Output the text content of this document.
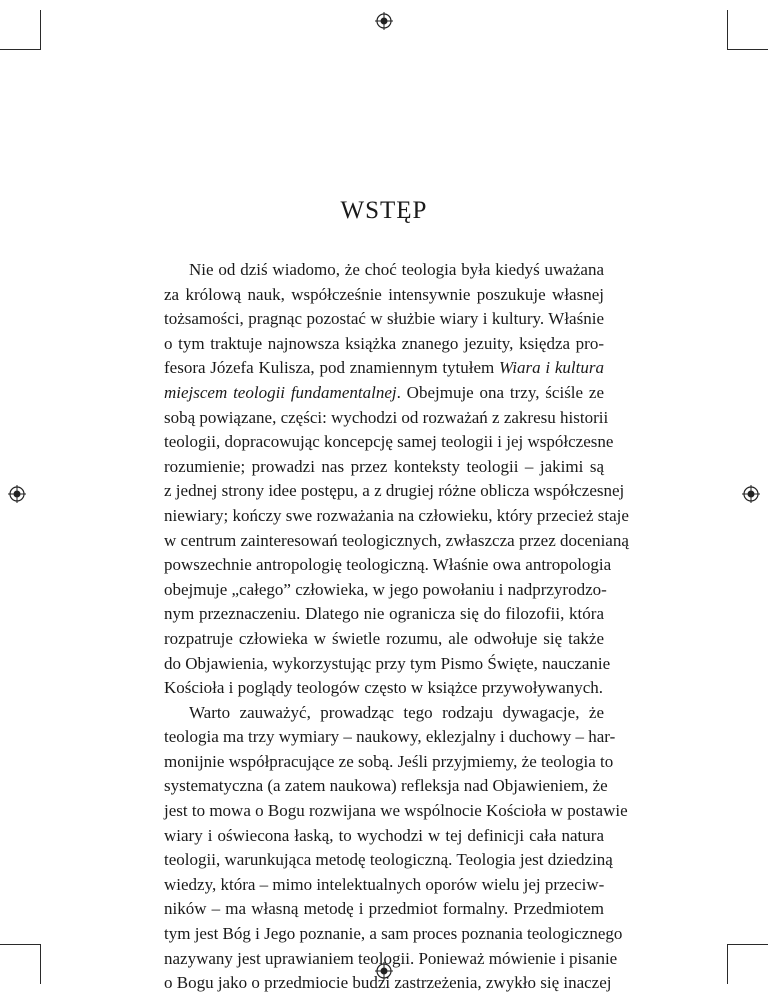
WSTĘP
Nie od dziś wiadomo, że choć teologia była kiedyś uważana
za królową nauk, współcześnie intensywnie poszukuje własnej
tożsamości, pragnąc pozostać w służbie wiary i kultury. Właśnie
o tym traktuje najnowsza książka znanego jezuity, księdza pro-
fesora Józefa Kulisza, pod znamiennym tytułem Wiara i kultura
miejscem teologii fundamentalnej. Obejmuje ona trzy, ściśle ze
sobą powiązane, części: wychodzi od rozważań z zakresu historii
teologii, dopracowując koncepcję samej teologii i jej współczesne
rozumienie; prowadzi nas przez konteksty teologii – jakimi są
z jednej strony idee postępu, a z drugiej różne oblicza współczesnej
niewiary; kończy swe rozważania na człowieku, który przecież staje
w centrum zainteresowań teologicznych, zwłaszcza przez docenianą
powszechnie antropologię teologiczną. Właśnie owa antropologia
obejmuje „całego” człowieka, w jego powołaniu i nadprzyrodzo-
nym przeznaczeniu. Dlatego nie ogranicza się do filozofii, która
rozpatruje człowieka w świetle rozumu, ale odwołuje się także
do Objawienia, wykorzystując przy tym Pismo Święte, nauczanie
Kościoła i poglądy teologów często w książce przywoływanych.
Warto zauważyć, prowadząc tego rodzaju dywagacje, że
teologia ma trzy wymiary – naukowy, eklezjalny i duchowy – har-
monijnie współpracujące ze sobą. Jeśli przyjmiemy, że teologia to
systematyczna (a zatem naukowa) refleksja nad Objawieniem, że
jest to mowa o Bogu rozwijana we wspólnocie Kościoła w postawie
wiary i oświecona łaską, to wychodzi w tej definicji cała natura
teologii, warunkująca metodę teologiczną. Teologia jest dziedziną
wiedzy, która – mimo intelektualnych oporów wielu jej przeciw-
ników – ma własną metodę i przedmiot formalny. Przedmiotem
tym jest Bóg i Jego poznanie, a sam proces poznania teologicznego
nazywany jest uprawianiem teologii. Ponieważ mówienie i pisanie
o Bogu jako o przedmiocie budzi zastrzeżenia, zwykło się inaczej
